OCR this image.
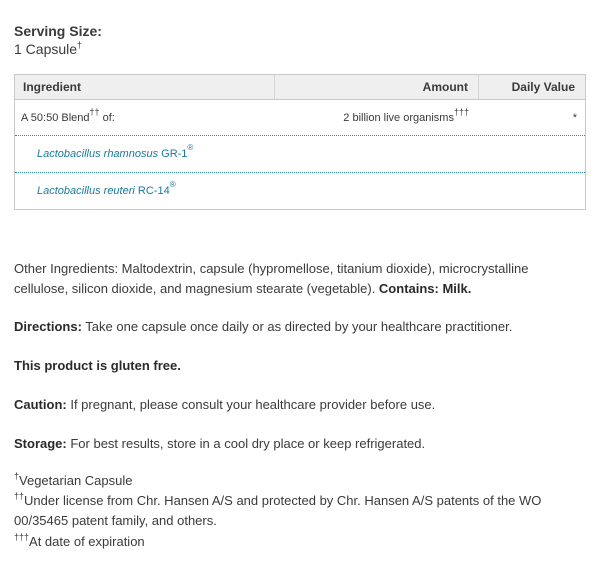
Serving Size:
1 Capsule†
Ingredient	Amount	Daily Value
A 50:50 Blend†† of:	2 billion live organisms†††	*
Lactobacillus rhamnosus GR-1®
Lactobacillus reuteri RC-14®
Other Ingredients: Maltodextrin, capsule (hypromellose, titanium dioxide), microcrystalline cellulose, silicon dioxide, and magnesium stearate (vegetable). Contains: Milk.
Directions: Take one capsule once daily or as directed by your healthcare practitioner.
This product is gluten free.
Caution: If pregnant, please consult your healthcare provider before use.
Storage: For best results, store in a cool dry place or keep refrigerated.
†Vegetarian Capsule
††Under license from Chr. Hansen A/S and protected by Chr. Hansen A/S patents of the WO 00/35465 patent family, and others.
†††At date of expiration
